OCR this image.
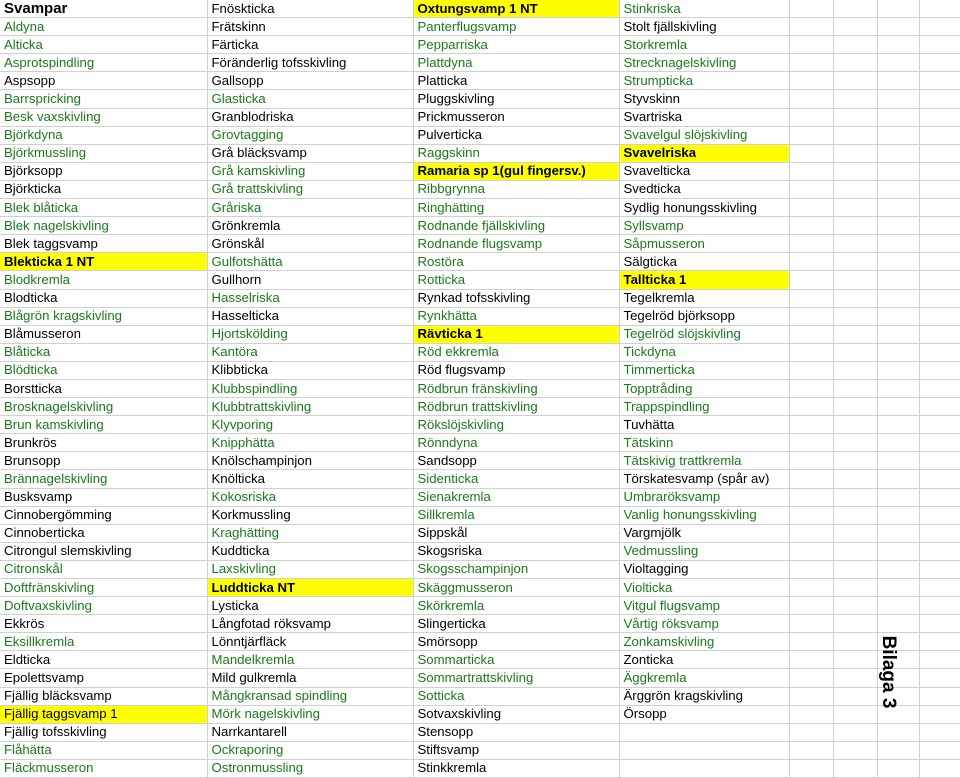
Svampar	Fnöskticka	Oxtungsvamp 1 NT	Stinkriska				
Aldyna	Frätskinn	Panterflugsvamp	Stolt fjällskivling				
Alticka	Färticka	Pepparriska	Storkremla				
Asprotspindling	Föränderlig tofsskivling	Plattdyna	Strecknagelskivling				
Aspsopp	Gallsopp	Platticka	Strumpticka				
Barrspricking	Glasticka	Pluggskivling	Styvskinn				
Besk vaxskivling	Granblodriska	Prickmusseron	Svartriska				
Björkdyna	Grovtagging	Pulverticka	Svavelgul slöjskivling				
Björkmussling	Grå bläcksvamp	Raggskinn	Svavelriska				
Björksopp	Grå kamskivling	Ramaria sp 1(gul fingersv.)	Svavelticka				
Björkticka	Grå trattskivling	Ribbgrynna	Svedticka				
Blek blåticka	Gråriska	Ringhätting	Sydlig honungsskivling				
Blek nagelskivling	Grönkremla	Rodnande fjällskivling	Syllsvamp				
Blek taggsvamp	Grönskål	Rodnande flugsvamp	Såpmusseron				
Blekticka 1 NT	Gulfotshätta	Rostöra	Sälgticka				
Blodkremla	Gullhorn	Rotticka	Tallticka 1				
Blodticka	Hasselriska	Rynkad tofsskivling	Tegelkremla				
Blågrön kragskivling	Hasselticka	Rynkhätta	Tegelröd björksopp				
Blåmusseron	Hjortskölding	Rävticka 1	Tegelröd slöjskivling				
Blåticka	Kantöra	Röd ekkremla	Tickdyna				
Blödticka	Klibbticka	Röd flugsvamp	Timmerticka				
Borstticka	Klubbspindling	Rödbrun fränskivling	Topptråding				
Brosknagelskivling	Klubbtrattskivling	Rödbrun trattskivling	Trappspindling				
Brun kamskivling	Klyvporing	Rökslöjskivling	Tuvhätta				
Brunkrös	Knipphätta	Rönndyna	Tätskinn				
Brunsopp	Knölschampinjon	Sandsopp	Tätskivig trattkremla				
Brännagelskivling	Knölticka	Sidenticka	Törskatesvamp (spår av)				
Busksvamp	Kokosriska	Sienakremla	Umbraröksvamp				
Cinnobergömming	Korkmussling	Sillkremla	Vanlig honungsskivling				
Cinnoberticka	Kraghätting	Sippskål	Vargmjölk				
Citrongul slemskivling	Kuddticka	Skogsriska	Vedmussling				
Citronskål	Laxskivling	Skogsschampinjon	Violtagging				
Doftfränskivling	Luddticka NT	Skäggmusseron	Violticka				
Doftvaxskivling	Lysticka	Skörkremla	Vitgul flugsvamp				
Ekkrös	Långfotad röksvamp	Slingerticka	Vårtig röksvamp				
Eksillkremla	Lönntjärfläck	Smörsopp	Zonkamskivling				
Eldticka	Mandelkremla	Sommarticka	Zonticka				
Epolettsvamp	Mild gulkremla	Sommartrattskivling	Äggkremla				
Fjällig bläcksvamp	Mångkransad spindling	Sotticka	Ärggrön kragskivling				
Fjällig taggsvamp 1	Mörk nagelskivling	Sotvaxskivling	Örsopp				
Fjällig tofsskivling	Narrkantarell	Stensopp					
Flåhätta	Ockraporing	Stiftsvamp					
Fläckmusseron	Ostronmussling	Stinkkremla					
Bilaga 3
